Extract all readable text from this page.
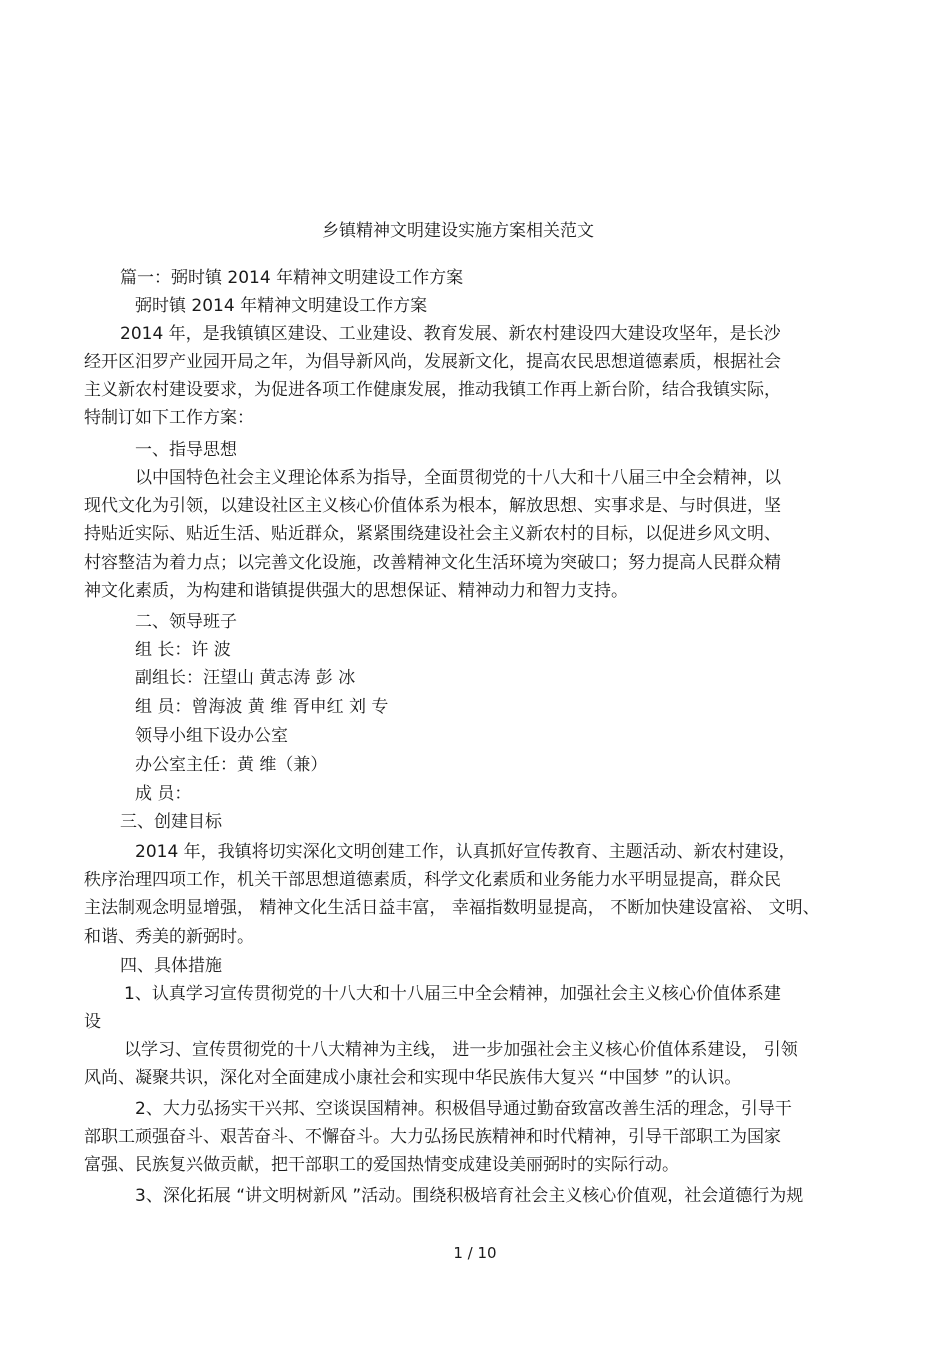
乡镇精神文明建设实施方案相关范文
篇一：弼时镇 2014 年精神文明建设工作方案
弼时镇 2014 年精神文明建设工作方案
2014 年，是我镇镇区建设、工业建设、教育发展、新农村建设四大建设攻坚年，是长沙
经开区汨罗产业园开局之年，为倡导新风尚，发展新文化，提高农民思想道德素质，根据社会
主义新农村建设要求，为促进各项工作健康发展，推动我镇工作再上新台阶，结合我镇实际，
特制订如下工作方案：
一、指导思想
以中国特色社会主义理论体系为指导，全面贯彻党的十八大和十八届三中全会精神，以
现代文化为引领，以建设社区主义核心价值体系为根本，解放思想、实事求是、与时俱进，坚
持贴近实际、贴近生活、贴近群众，紧紧围绕建设社会主义新农村的目标，以促进乡风文明、
村容整洁为着力点；以完善文化设施，改善精神文化生活环境为突破口；努力提高人民群众精
神文化素质，为构建和谐镇提供强大的思想保证、精神动力和智力支持。
二、领导班子
组 长：许 波
副组长：汪望山 黄志涛 彭 冰
组 员：曾海波 黄 维 胥申红 刘 专
领导小组下设办公室
办公室主任：黄 维（兼）
成 员：
三、创建目标
2014 年，我镇将切实深化文明创建工作，认真抓好宣传教育、主题活动、新农村建设，
秩序治理四项工作，机关干部思想道德素质，科学文化素质和业务能力水平明显提高，群众民
主法制观念明显增强， 精神文化生活日益丰富， 幸福指数明显提高， 不断加快建设富裕、 文明、
和谐、秀美的新弼时。
四、具体措施
1、认真学习宣传贯彻党的十八大和十八届三中全会精神，加强社会主义核心价值体系建
设
以学习、宣传贯彻党的十八大精神为主线， 进一步加强社会主义核心价值体系建设， 引领
风尚、凝聚共识，深化对全面建成小康社会和实现中华民族伟大复兴 “中国梦 ”的认识。
2、大力弘扬实干兴邦、空谈误国精神。积极倡导通过勤奋致富改善生活的理念，引导干
部职工顽强奋斗、艰苦奋斗、不懈奋斗。大力弘扬民族精神和时代精神，引导干部职工为国家
富强、民族复兴做贡献，把干部职工的爱国热情变成建设美丽弼时的实际行动。
3、深化拓展 “讲文明树新风 ”活动。围绕积极培育社会主义核心价值观，社会道德行为规
1 / 10
